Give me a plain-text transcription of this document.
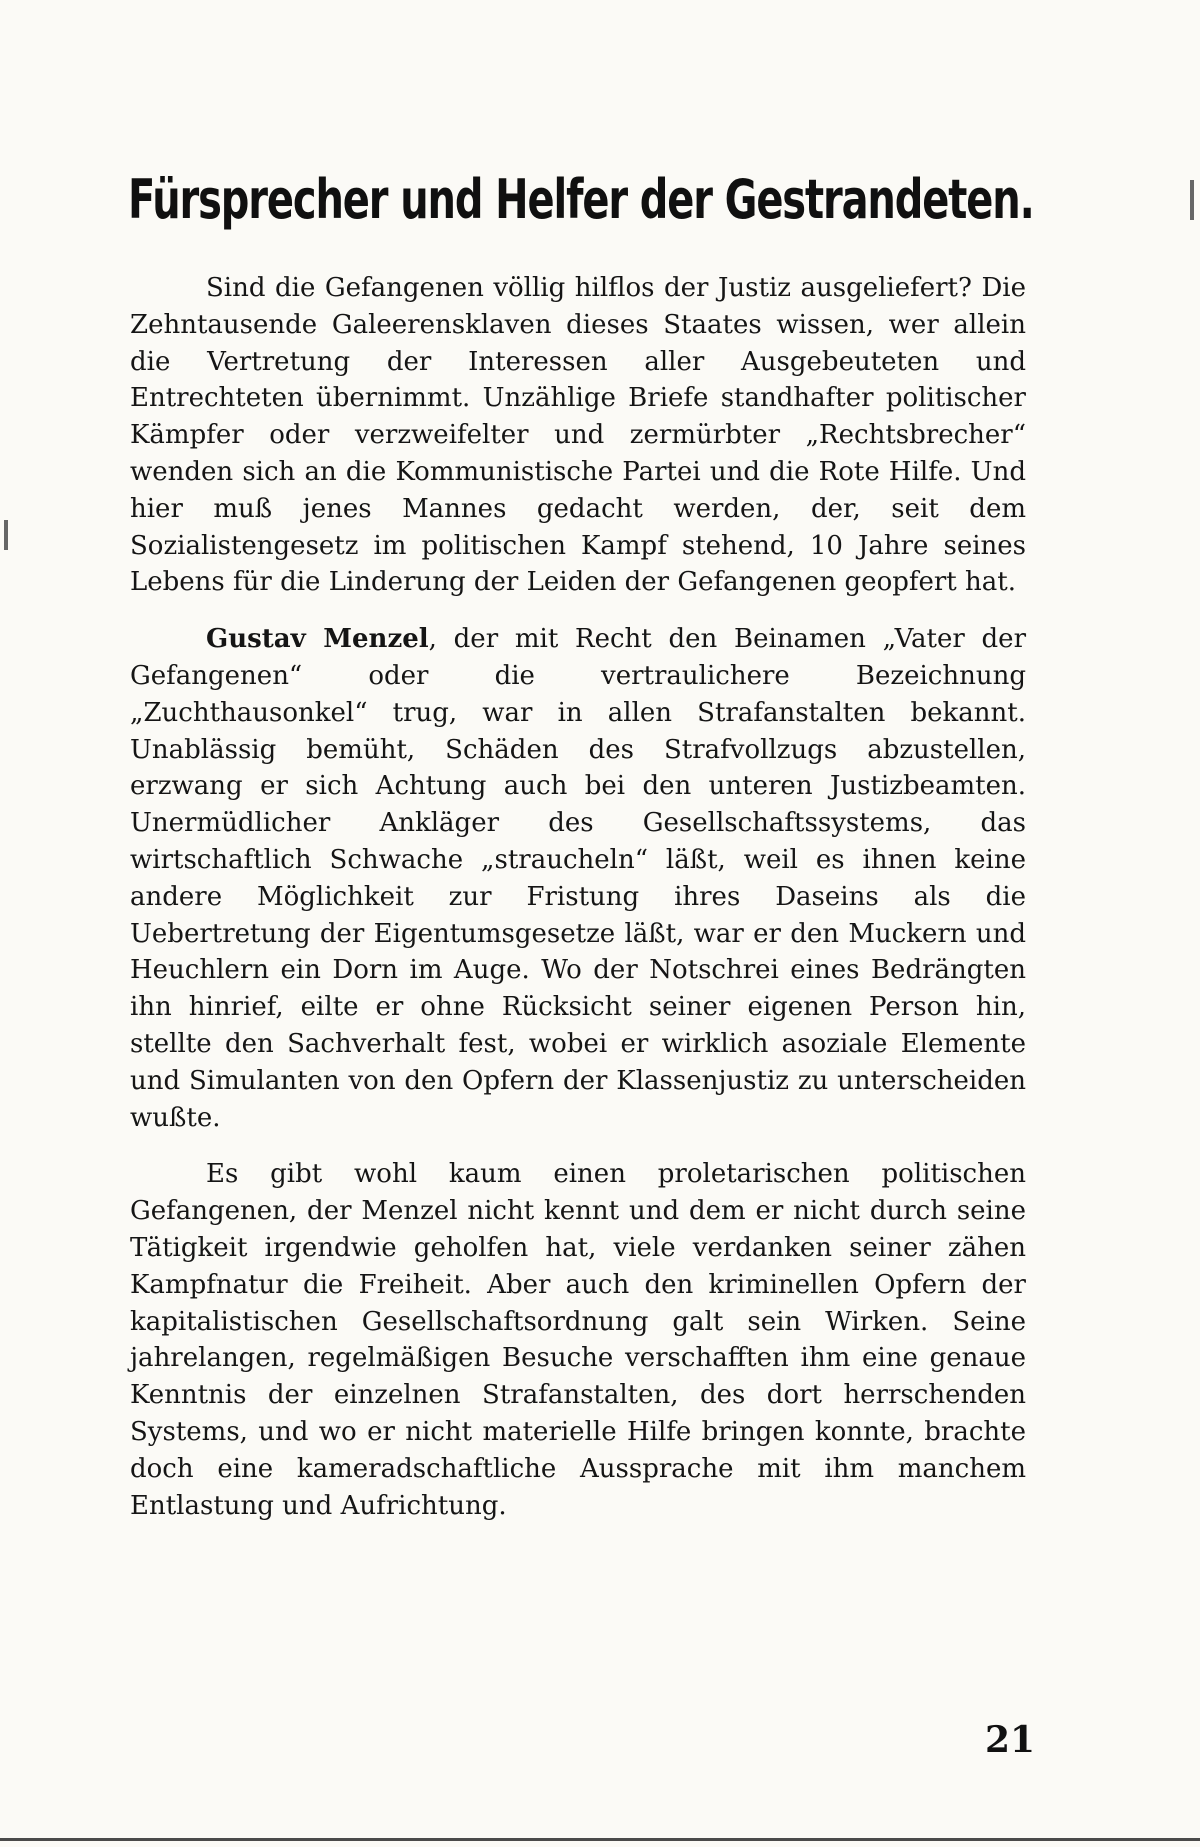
Fürsprecher und Helfer der Gestrandeten.

Sind die Gefangenen völlig hilflos der Justiz ausgeliefert? Die Zehntausende Galeerensklaven dieses Staates wissen, wer allein die Vertretung der Interessen aller Ausgebeuteten und Entrechteten übernimmt. Unzählige Briefe standhafter politischer Kämpfer oder verzweifelter und zermürbter „Rechtsbrecher“ wenden sich an die Kommunistische Partei und die Rote Hilfe. Und hier muß jenes Mannes gedacht werden, der, seit dem Sozialistengesetz im politischen Kampf stehend, 10 Jahre seines Lebens für die Linderung der Leiden der Gefangenen geopfert hat.

Gustav Menzel, der mit Recht den Beinamen „Vater der Gefangenen“ oder die vertraulichere Bezeichnung „Zuchthausonkel“ trug, war in allen Strafanstalten bekannt. Unablässig bemüht, Schäden des Strafvollzugs abzustellen, erzwang er sich Achtung auch bei den unteren Justizbeamten. Unermüdlicher Ankläger des Gesellschaftssystems, das wirtschaftlich Schwache „straucheln“ läßt, weil es ihnen keine andere Möglichkeit zur Fristung ihres Daseins als die Uebertretung der Eigentumsgesetze läßt, war er den Muckern und Heuchlern ein Dorn im Auge. Wo der Notschrei eines Bedrängten ihn hinrief, eilte er ohne Rücksicht seiner eigenen Person hin, stellte den Sachverhalt fest, wobei er wirklich asoziale Elemente und Simulanten von den Opfern der Klassenjustiz zu unterscheiden wußte.

Es gibt wohl kaum einen proletarischen politischen Gefangenen, der Menzel nicht kennt und dem er nicht durch seine Tätigkeit irgendwie geholfen hat, viele verdanken seiner zähen Kampfnatur die Freiheit. Aber auch den kriminellen Opfern der kapitalistischen Gesellschaftsordnung galt sein Wirken. Seine jahrelangen, regelmäßigen Besuche verschafften ihm eine genaue Kenntnis der einzelnen Strafanstalten, des dort herrschenden Systems, und wo er nicht materielle Hilfe bringen konnte, brachte doch eine kameradschaftliche Aussprache mit ihm manchem Entlastung und Aufrichtung.

21
